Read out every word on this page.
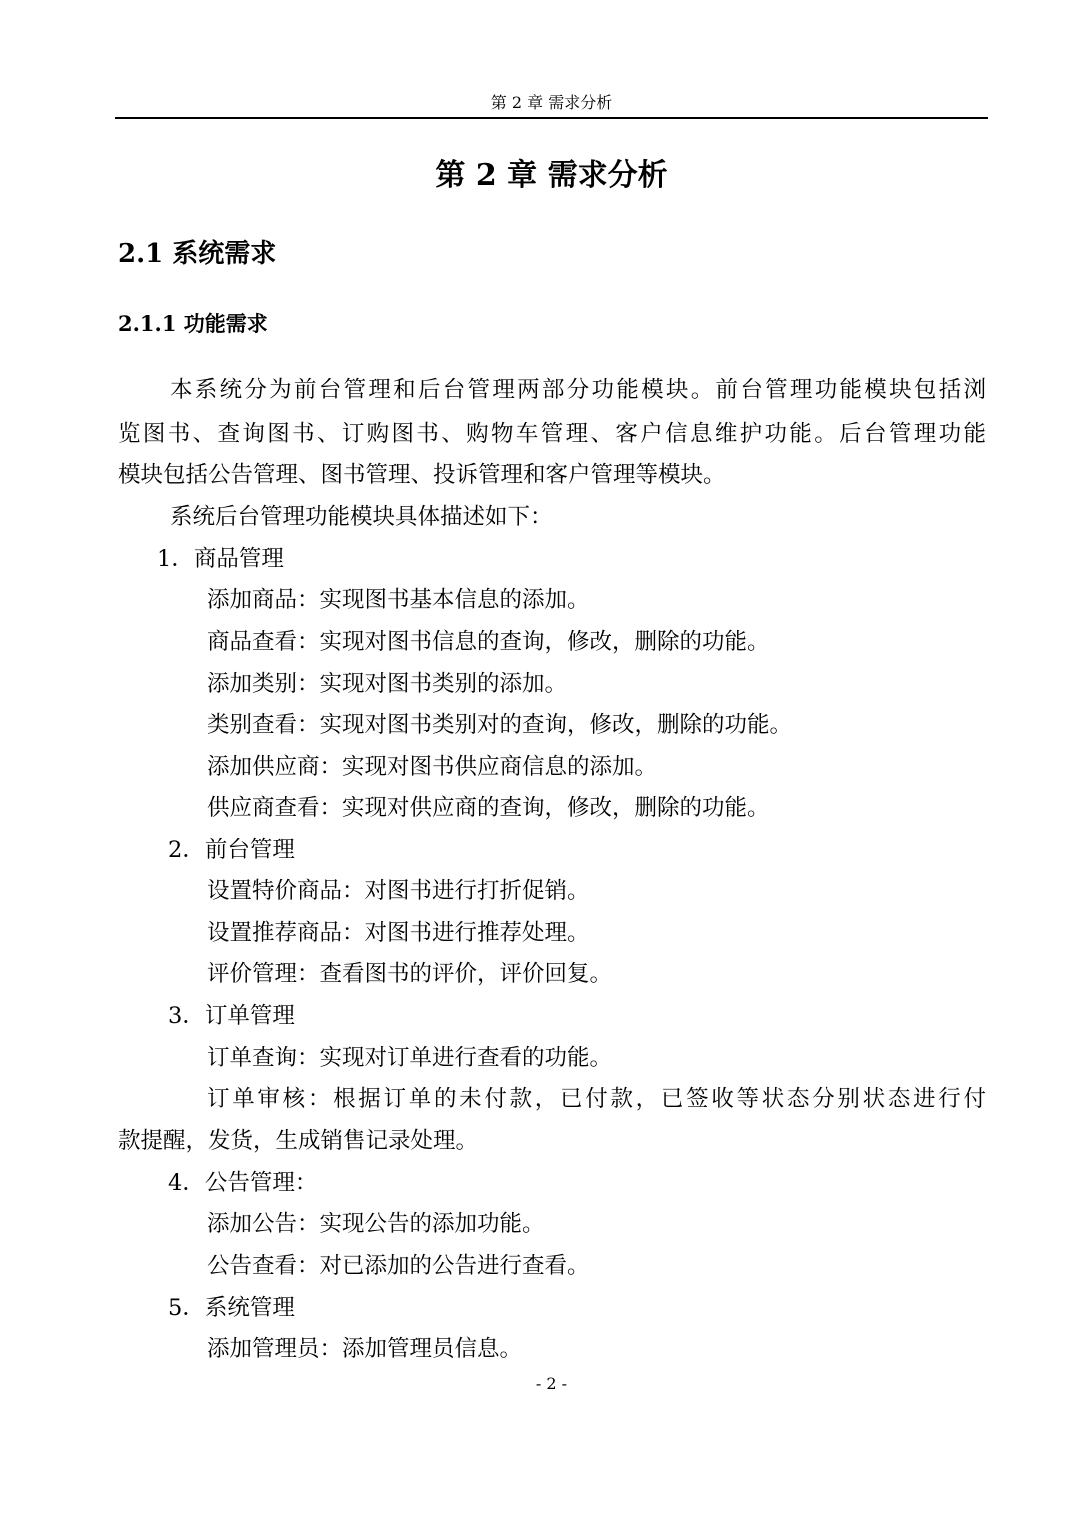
第 2 章 需求分析
第 2 章 需求分析
2.1 系统需求
2.1.1 功能需求
本系统分为前台管理和后台管理两部分功能模块。前台管理功能模块包括浏
览图书、查询图书、订购图书、购物车管理、客户信息维护功能。后台管理功能
模块包括公告管理、图书管理、投诉管理和客户管理等模块。
系统后台管理功能模块具体描述如下：
1．商品管理
添加商品：实现图书基本信息的添加。
商品查看：实现对图书信息的查询，修改，删除的功能。
添加类别：实现对图书类别的添加。
类别查看：实现对图书类别对的查询，修改，删除的功能。
添加供应商：实现对图书供应商信息的添加。
供应商查看：实现对供应商的查询，修改，删除的功能。
2．前台管理
设置特价商品：对图书进行打折促销。
设置推荐商品：对图书进行推荐处理。
评价管理：查看图书的评价，评价回复。
3．订单管理
订单查询：实现对订单进行查看的功能。
订单审核：根据订单的未付款，已付款，已签收等状态分别状态进行付
款提醒，发货，生成销售记录处理。
4．公告管理：
添加公告：实现公告的添加功能。
公告查看：对已添加的公告进行查看。
5．系统管理
添加管理员：添加管理员信息。
- 2 -
